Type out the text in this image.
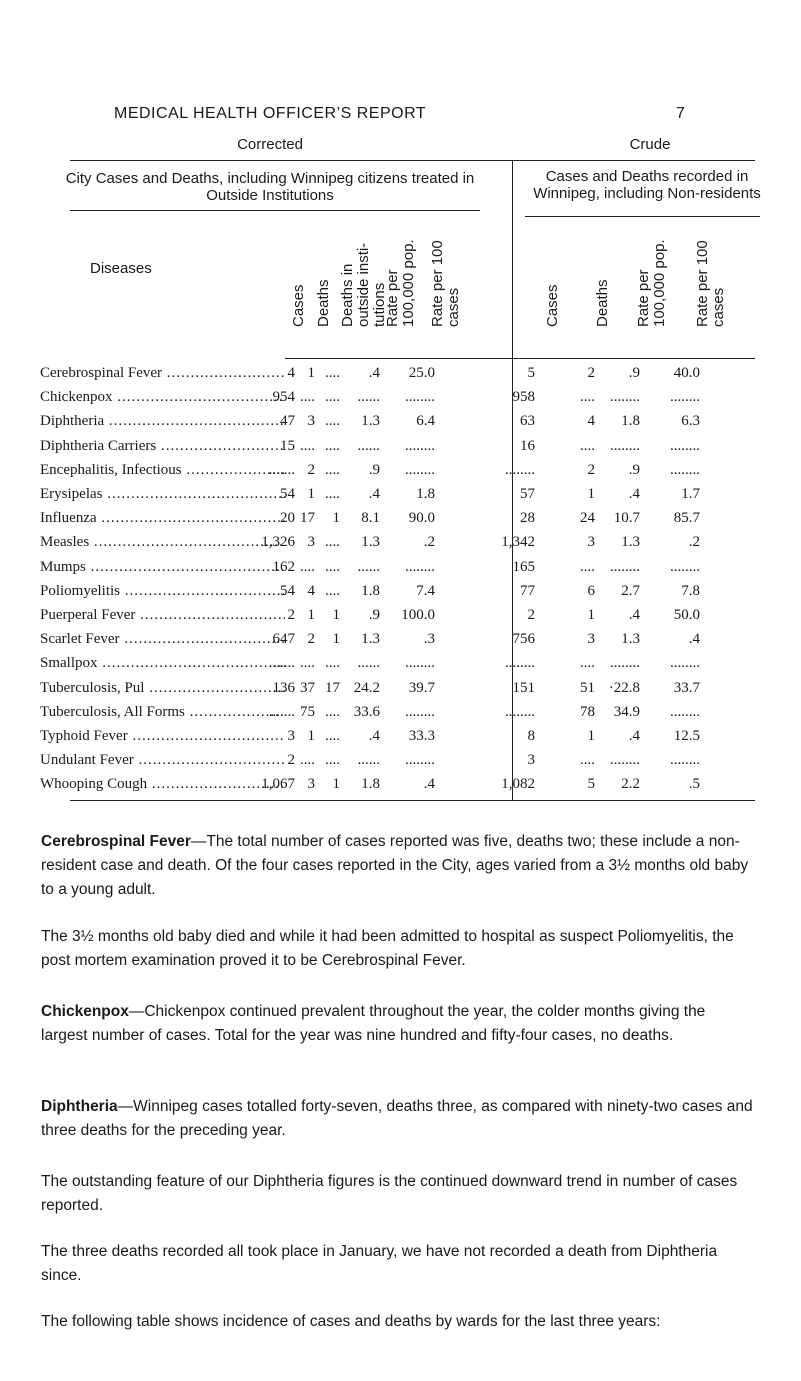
MEDICAL HEALTH OFFICER’S REPORT	7
Corrected	Crude
City Cases and Deaths, including Winnipeg citizens treated in Outside Institutions
Cases and Deaths recorded in Winnipeg, including Non-residents
Diseases
Cases Deaths Deaths in outside insti-tutions
Rate per 100,000 pop. Rate per 100 cases	Cases Deaths Rate per 100,000 pop. Rate per 100 cases
Cerebrospinal Fever .....	4 1 ....	.4	25.0	5	2	.9	40.0
Chickenpox .....	954 .... ....	......	........	958	....	........	........
Diphtheria .....	47 3 ....	1.3	6.4	63	4	1.8	6.3
Diphtheria Carriers .....	15 .... ....	......	........	16	....	........	........
Encephalitis, Infectious .....	....... 2 ....	.9	........	........	2	.9	........
Erysipelas .....	54 1 ....	.4	1.8	57	1	.4	1.7
Influenza .....	20 17	1	8.1	90.0	28	24	10.7	85.7
Measles .....	1,326 3 ....	1.3	.2	1,342	3	1.3	.2
Mumps .....	162 .... ....	......	........	165	....	........	........
Poliomyelitis .....	54 4 ....	1.8	7.4	77	6	2.7	7.8
Puerperal Fever .....	2 1	1	.9	100.0	2	1	.4	50.0
Scarlet Fever .....	647 2	1	1.3	.3	756	3	1.3	.4
Smallpox .....	....... .... ....	......	........	........	....	........	........
Tuberculosis, Pul .....	136 37 17 24.2	39.7	151	51 ·22.8	33.7
Tuberculosis, All Forms .....	....... 75 .... 33.6	........	........	78	34.9	........
Typhoid Fever .....	3 1 ....	.4	33.3	8	1	.4	12.5
Undulant Fever .....	2 .... ....	......	........	3	....	........	........
Whooping Cough .....	1,067 3	1	1.8	.4	1,082	5	2.2	.5
Cerebrospinal Fever—The total number of cases reported was five, deaths two; these include a non-resident case and death. Of the four cases reported in the City, ages varied from a 3½ months old baby to a young adult.
The 3½ months old baby died and while it had been admitted to hospital as suspect Poliomyelitis, the post mortem examination proved it to be Cerebrospinal Fever.
Chickenpox—Chickenpox continued prevalent throughout the year, the colder months giving the largest number of cases. Total for the year was nine hundred and fifty-four cases, no deaths.
Diphtheria—Winnipeg cases totalled forty-seven, deaths three, as compared with ninety-two cases and three deaths for the preceding year.
The outstanding feature of our Diphtheria figures is the continued downward trend in number of cases reported.
The three deaths recorded all took place in January, we have not recorded a death from Diphtheria since.
The following table shows incidence of cases and deaths by wards for the last three years:
